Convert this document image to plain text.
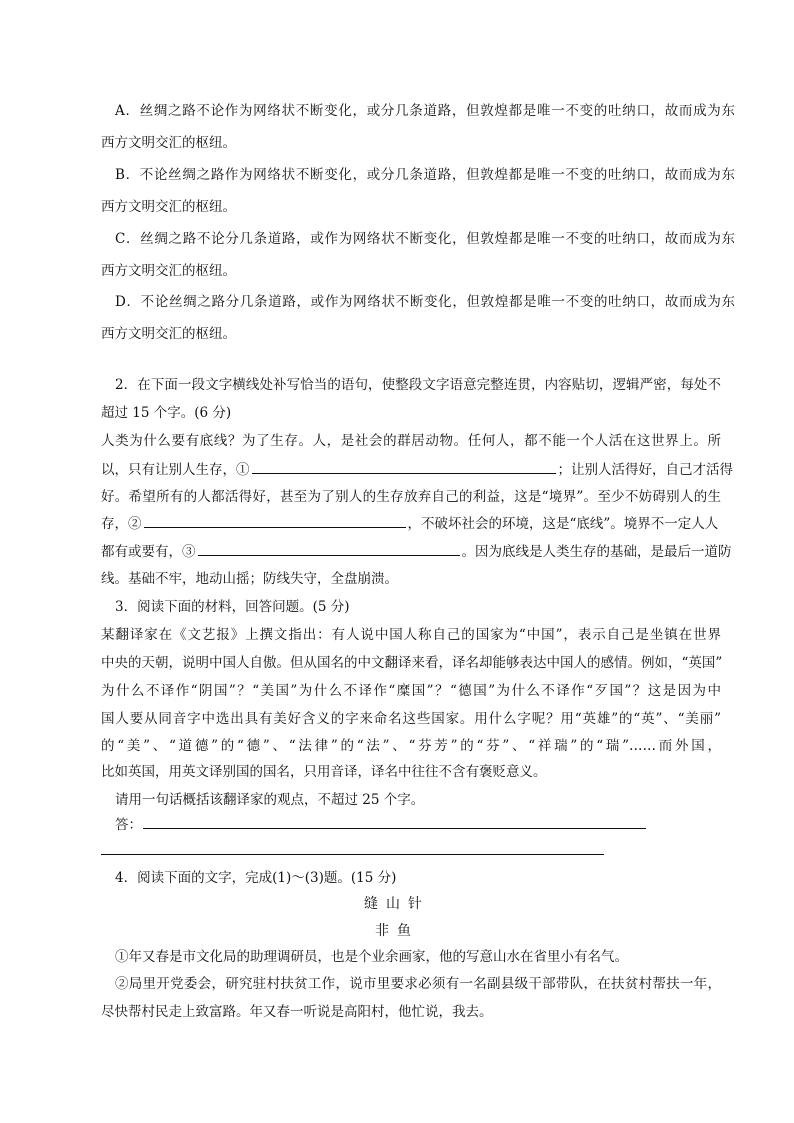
A．丝绸之路不论作为网络状不断变化，或分几条道路，但敦煌都是唯一不变的吐纳口，故而成为东
西方文明交汇的枢纽。
B．不论丝绸之路作为网络状不断变化，或分几条道路，但敦煌都是唯一不变的吐纳口，故而成为东
西方文明交汇的枢纽。
C．丝绸之路不论分几条道路，或作为网络状不断变化，但敦煌都是唯一不变的吐纳口，故而成为东
西方文明交汇的枢纽。
D．不论丝绸之路分几条道路，或作为网络状不断变化，但敦煌都是唯一不变的吐纳口，故而成为东
西方文明交汇的枢纽。
2．在下面一段文字横线处补写恰当的语句，使整段文字语意完整连贯，内容贴切，逻辑严密，每处不
超过 15 个字。(6 分)
人类为什么要有底线？为了生存。人，是社会的群居动物。任何人，都不能一个人活在这世界上。所
以，只有让别人生存，①	；让别人活得好，自己才活得
好。希望所有的人都活得好，甚至为了别人的生存放弃自己的利益，这是“境界”。至少不妨碍别人的生
存，②	，不破坏社会的环境，这是“底线”。境界不一定人人
都有或要有，③	。因为底线是人类生存的基础，是最后一道防
线。基础不牢，地动山摇；防线失守，全盘崩溃。
3．阅读下面的材料，回答问题。(5 分)
某翻译家在《文艺报》上撰文指出：有人说中国人称自己的国家为“中国”，表示自己是坐镇在世界
中央的天朝，说明中国人自傲。但从国名的中文翻译来看，译名却能够表达中国人的感情。例如，“英国”
为什么不译作“阴国”？“美国”为什么不译作“糜国”？“德国”为什么不译作“歹国”？这是因为中
国人要从同音字中选出具有美好含义的字来命名这些国家。用什么字呢？用“英雄”的“英”、“美丽”
的“美”、“道德”的“德”、“法律”的“法”、“芬芳”的“芬”、“祥瑞”的“瑞”……而外国，
比如英国，用英文译别国的国名，只用音译，译名中往往不含有褒贬意义。
请用一句话概括该翻译家的观点，不超过 25 个字。
答：
4．阅读下面的文字，完成(1)～(3)题。(15 分)
缝山针
非鱼
①年又春是市文化局的助理调研员，也是个业余画家，他的写意山水在省里小有名气。
②局里开党委会，研究驻村扶贫工作，说市里要求必须有一名副县级干部带队，在扶贫村帮扶一年，
尽快帮村民走上致富路。年又春一听说是高阳村，他忙说，我去。
